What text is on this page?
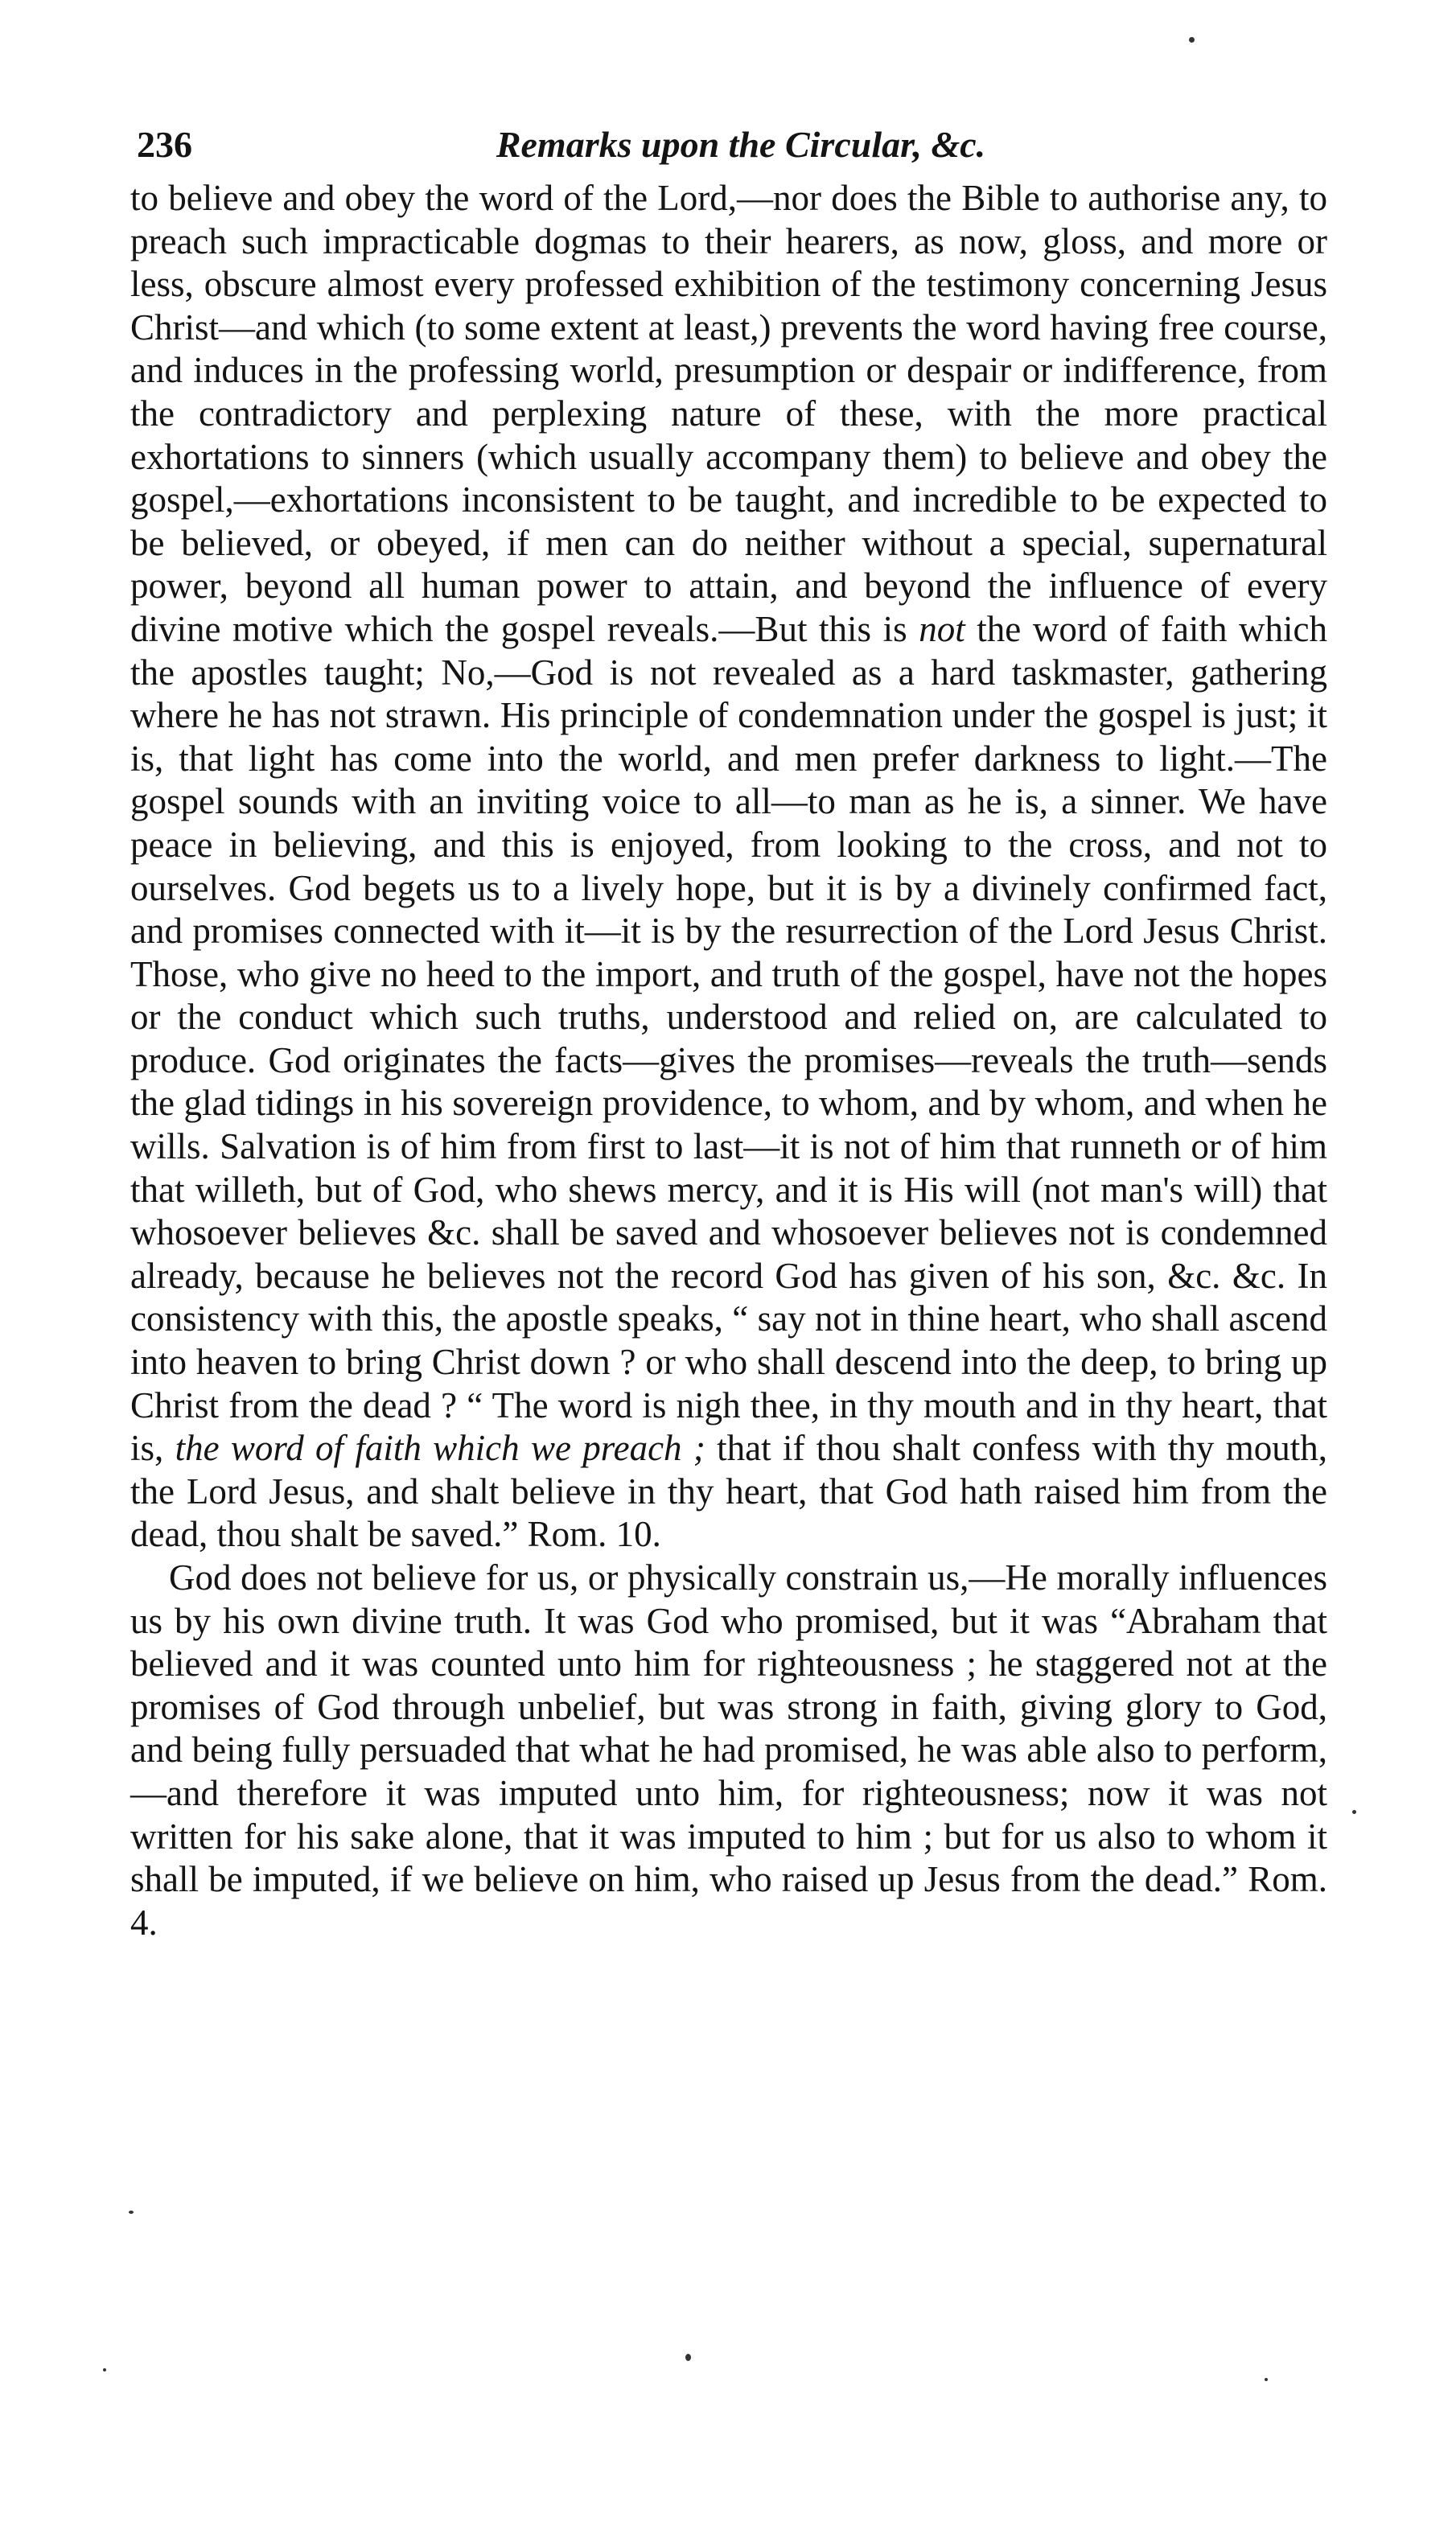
236	Remarks upon the Circular, &c.

to believe and obey the word of the Lord,—nor does the Bible to authorise any, to preach such impracticable dogmas to their hearers, as now, gloss, and more or less, obscure almost every professed exhibition of the testimony concerning Jesus Christ—and which (to some extent at least,) prevents the word having free course, and induces in the professing world, presumption or despair or indifference, from the contradictory and perplexing nature of these, with the more practical exhortations to sinners (which usually accompany them) to believe and obey the gospel,—exhortations inconsistent to be taught, and incredible to be expected to be believed, or obeyed, if men can do neither without a special, supernatural power, beyond all human power to attain, and beyond the influence of every divine motive which the gospel reveals.—But this is not the word of faith which the apostles taught; No,—God is not revealed as a hard taskmaster, gathering where he has not strawn. His principle of condemnation under the gospel is just; it is, that light has come into the world, and men prefer darkness to light.—The gospel sounds with an inviting voice to all—to man as he is, a sinner. We have peace in believing, and this is enjoyed, from looking to the cross, and not to ourselves. God begets us to a lively hope, but it is by a divinely confirmed fact, and promises connected with it—it is by the resurrection of the Lord Jesus Christ. Those, who give no heed to the import, and truth of the gospel, have not the hopes or the conduct which such truths, understood and relied on, are calculated to produce. God originates the facts—gives the promises—reveals the truth—sends the glad tidings in his sovereign providence, to whom, and by whom, and when he wills. Salvation is of him from first to last—it is not of him that runneth or of him that willeth, but of God, who shews mercy, and it is His will (not man's will) that whosoever believes &c. shall be saved and whosoever believes not is condemned already, because he believes not the record God has given of his son, &c. &c. In consistency with this, the apostle speaks, “ say not in thine heart, who shall ascend into heaven to bring Christ down ? or who shall descend into the deep, to bring up Christ from the dead ? “ The word is nigh thee, in thy mouth and in thy heart, that is, the word of faith which we preach ; that if thou shalt confess with thy mouth, the Lord Jesus, and shalt believe in thy heart, that God hath raised him from the dead, thou shalt be saved.” Rom. 10.

God does not believe for us, or physically constrain us,—He morally influences us by his own divine truth. It was God who promised, but it was “Abraham that believed and it was counted unto him for righteousness ; he staggered not at the promises of God through unbelief, but was strong in faith, giving glory to God, and being fully persuaded that what he had promised, he was able also to perform, —and therefore it was imputed unto him, for righteousness; now it was not written for his sake alone, that it was imputed to him ; but for us also to whom it shall be imputed, if we believe on him, who raised up Jesus from the dead.” Rom. 4.
